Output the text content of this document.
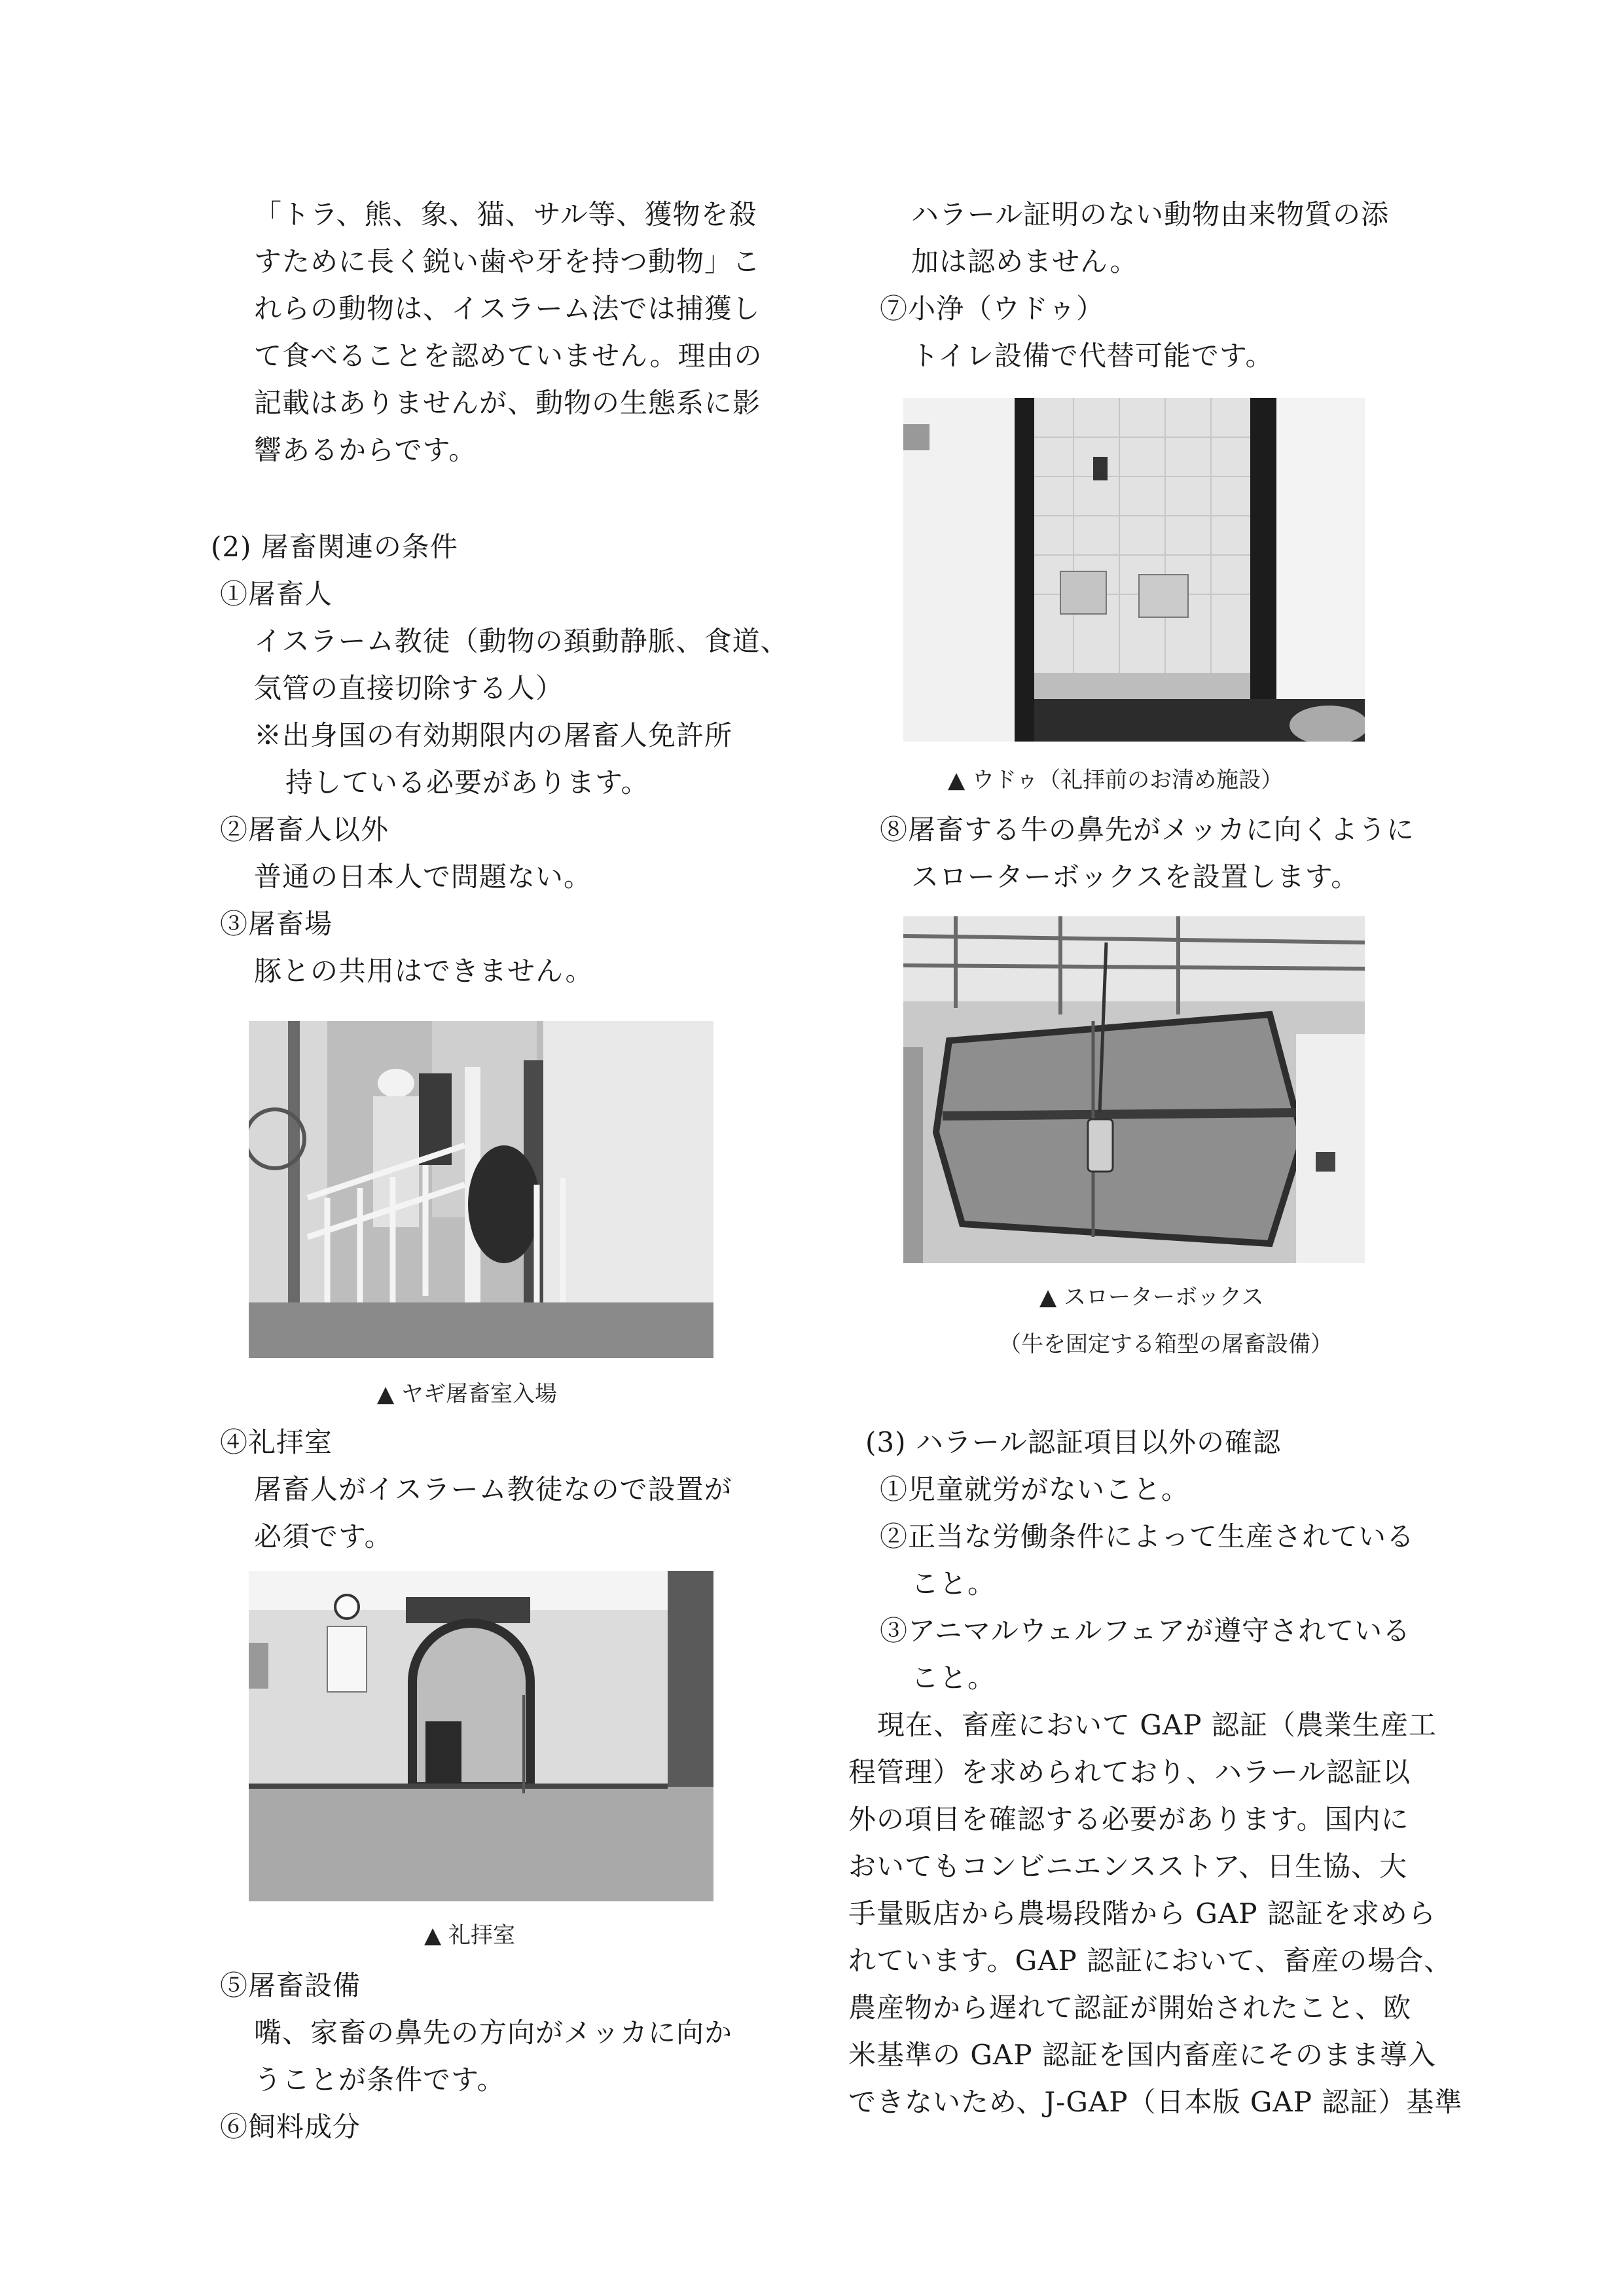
「トラ、熊、象、猫、サル等、獲物を殺
すために長く鋭い歯や牙を持つ動物」こ
れらの動物は、イスラーム法では捕獲し
て食べることを認めていません。理由の
記載はありませんが、動物の生態系に影
響あるからです。
(2) 屠畜関連の条件
①屠畜人
イスラーム教徒（動物の頚動静脈、食道、
気管の直接切除する人）
※出身国の有効期限内の屠畜人免許所
持している必要があります。
②屠畜人以外
普通の日本人で問題ない。
③屠畜場
豚との共用はできません。
▲ ヤギ屠畜室入場
④礼拝室
屠畜人がイスラーム教徒なので設置が
必須です。
▲ 礼拝室
⑤屠畜設備
嘴、家畜の鼻先の方向がメッカに向か
うことが条件です。
⑥飼料成分
ハラール証明のない動物由来物質の添
加は認めません。
⑦小浄（ウドゥ）
トイレ設備で代替可能です。
▲ ウドゥ（礼拝前のお清め施設）
⑧屠畜する牛の鼻先がメッカに向くように
スローターボックスを設置します。
▲ スローターボックス
（牛を固定する箱型の屠畜設備）
(3) ハラール認証項目以外の確認
①児童就労がないこと。
②正当な労働条件によって生産されている
こと。
③アニマルウェルフェアが遵守されている
こと。
現在、畜産において GAP 認証（農業生産工
程管理）を求められており、ハラール認証以
外の項目を確認する必要があります。国内に
おいてもコンビニエンスストア、日生協、大
手量販店から農場段階から GAP 認証を求めら
れています。GAP 認証において、畜産の場合、
農産物から遅れて認証が開始されたこと、欧
米基準の GAP 認証を国内畜産にそのまま導入
できないため、J-GAP（日本版 GAP 認証）基準
